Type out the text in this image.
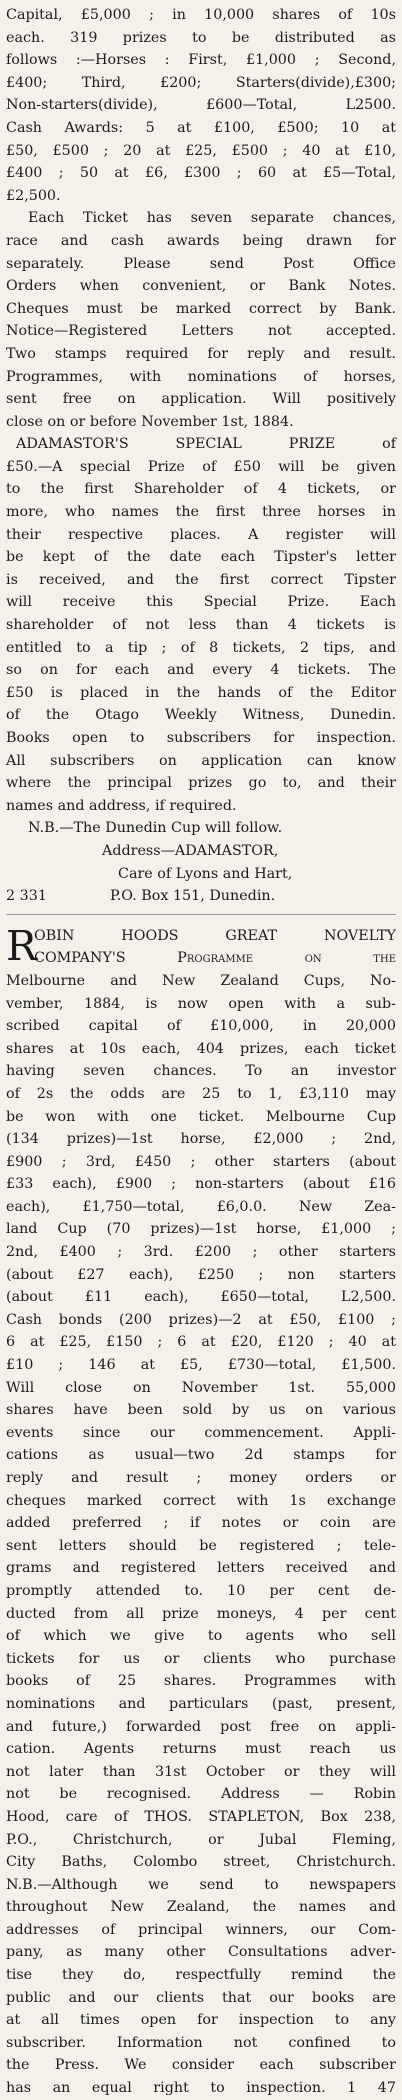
Capital, £5,000 ; in 10,000 shares of 10s
each. 319 prizes to be distributed as
follows :—Horses : First, £1,000 ; Second,
£400; Third, £200; Starters(divide),£300;
Non-starters(divide), £600—Total, L2500.
Cash Awards: 5 at £100, £500; 10 at
£50, £500 ; 20 at £25, £500 ; 40 at £10,
£400 ; 50 at £6, £300 ; 60 at £5—Total,
£2,500.
Each Ticket has seven separate chances,
race and cash awards being drawn for
separately. Please send Post Office
Orders when convenient, or Bank Notes.
Cheques must be marked correct by Bank.
Notice—Registered Letters not accepted.
Two stamps required for reply and result.
Programmes, with nominations of horses,
sent free on application. Will positively
close on or before November 1st, 1884.
ADAMASTOR'S SPECIAL PRIZE of
£50.—A special Prize of £50 will be given
to the first Shareholder of 4 tickets, or
more, who names the first three horses in
their respective places. A register will
be kept of the date each Tipster's letter
is received, and the first correct Tipster
will receive this Special Prize. Each
shareholder of not less than 4 tickets is
entitled to a tip ; of 8 tickets, 2 tips, and
so on for each and every 4 tickets. The
£50 is placed in the hands of the Editor
of the Otago Weekly Witness, Dunedin.
Books open to subscribers for inspection.
All subscribers on application can know
where the principal prizes go to, and their
names and address, if required.
N.B.—The Dunedin Cup will follow.
Address—ADAMASTOR,
Care of Lyons and Hart,
2 331	P.O. Box 151, Dunedin.
R
OBIN HOODS GREAT NOVELTY
COMPANY'S Programme on the
Melbourne and New Zealand Cups, No-
vember, 1884, is now open with a sub-
scribed capital of £10,000, in 20,000
shares at 10s each, 404 prizes, each ticket
having seven chances. To an investor
of 2s the odds are 25 to 1, £3,110 may
be won with one ticket. Melbourne Cup
(134 prizes)—1st horse, £2,000 ; 2nd,
£900 ; 3rd, £450 ; other starters (about
£33 each), £900 ; non-starters (about £16
each), £1,750—total, £6,0.0. New Zea-
land Cup (70 prizes)—1st horse, £1,000 ;
2nd, £400 ; 3rd. £200 ; other starters
(about £27 each), £250 ; non starters
(about £11 each), £650—total, L2,500.
Cash bonds (200 prizes)—2 at £50, £100 ;
6 at £25, £150 ; 6 at £20, £120 ; 40 at
£10 ; 146 at £5, £730—total, £1,500.
Will close on November 1st. 55,000
shares have been sold by us on various
events since our commencement. Appli-
cations as usual—two 2d stamps for
reply and result ; money orders or
cheques marked correct with 1s exchange
added preferred ; if notes or coin are
sent letters should be registered ; tele-
grams and registered letters received and
promptly attended to. 10 per cent de-
ducted from all prize moneys, 4 per cent
of which we give to agents who sell
tickets for us or clients who purchase
books of 25 shares. Programmes with
nominations and particulars (past, present,
and future,) forwarded post free on appli-
cation. Agents returns must reach us
not later than 31st October or they will
not be recognised. Address — Robin
Hood, care of THOS. STAPLETON, Box 238,
P.O., Christchurch, or Jubal Fleming,
City Baths, Colombo street, Christchurch.
N.B.—Although we send to newspapers
throughout New Zealand, the names and
addresses of principal winners, our Com-
pany, as many other Consultations adver-
tise they do, respectfully remind the
public and our clients that our books are
at all times open for inspection to any
subscriber. Information not confined to
the Press. We consider each subscriber
has an equal right to inspection. 1 47
